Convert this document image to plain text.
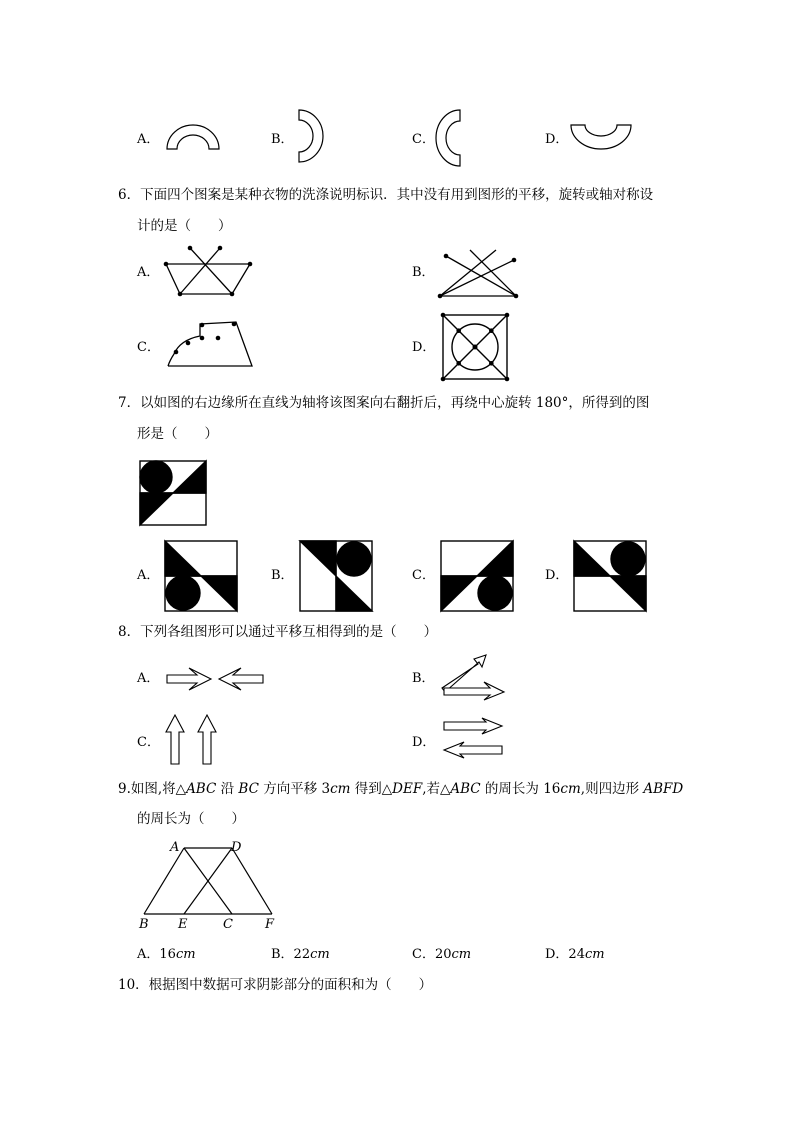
A．	B．	C．	D．
6．下面四个图案是某种衣物的洗涤说明标识．其中没有用到图形的平移，旋转或轴对称设
计的是（　　）
A．	B．
C．	D．
7．以如图的右边缘所在直线为轴将该图案向右翻折后，再绕中心旋转 180°，所得到的图
形是（　　）
A．	B．	C．	D．
8．下列各组图形可以通过平移互相得到的是（　　）
A．	B．
C．	D．
9.如图,将△ABC 沿 BC 方向平移 3cm 得到△DEF,若△ABC 的周长为 16cm,则四边形 ABFD
的周长为（　　）
A	D
B E	C F
A．16cm	B．22cm	C．20cm	D．24cm
10．根据图中数据可求阴影部分的面积和为（　　）
